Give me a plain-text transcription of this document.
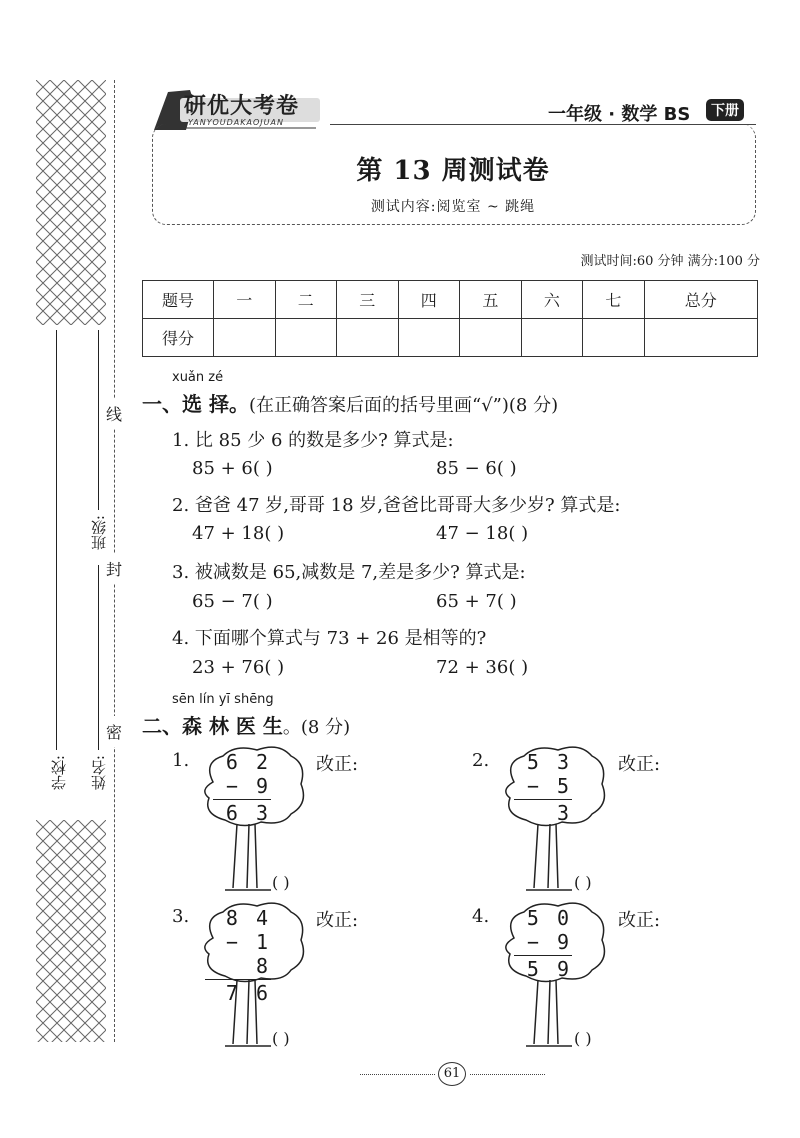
线
封
密
学校:
班级:
姓名:
研优大考卷
YANYOUDAKAOJUAN	一年级 · 数学 BS	下册
第 13 周测试卷
测试内容:阅览室 ~ 跳绳
测试时间:60 分钟 满分:100 分
题号	一	二	三	四	五	六	七	总分
得分								
xuǎn zé
一、选 择。(在正确答案后面的括号里画“√”)(8 分)
1. 比 85 少 6 的数是多少? 算式是:
85 + 6( )	85 − 6( )
2. 爸爸 47 岁,哥哥 18 岁,爸爸比哥哥大多少岁? 算式是:
47 + 18( )	47 − 18( )
3. 被减数是 65,减数是 7,差是多少? 算式是:
65 − 7( )	65 + 7( )
4. 下面哪个算式与 73 + 26 是相等的?
23 + 76( )	72 + 36( )
sēn lín yī shēng
二、森 林 医 生。(8 分)
1.	6 2
− 9
6 3
( )
改正:	2.	5 3
− 5
3
( )
改正:
3.	8 4
− 1 8
7 6
( )
改正:	4.	5 0
− 9
5 9
( )
改正:
61
